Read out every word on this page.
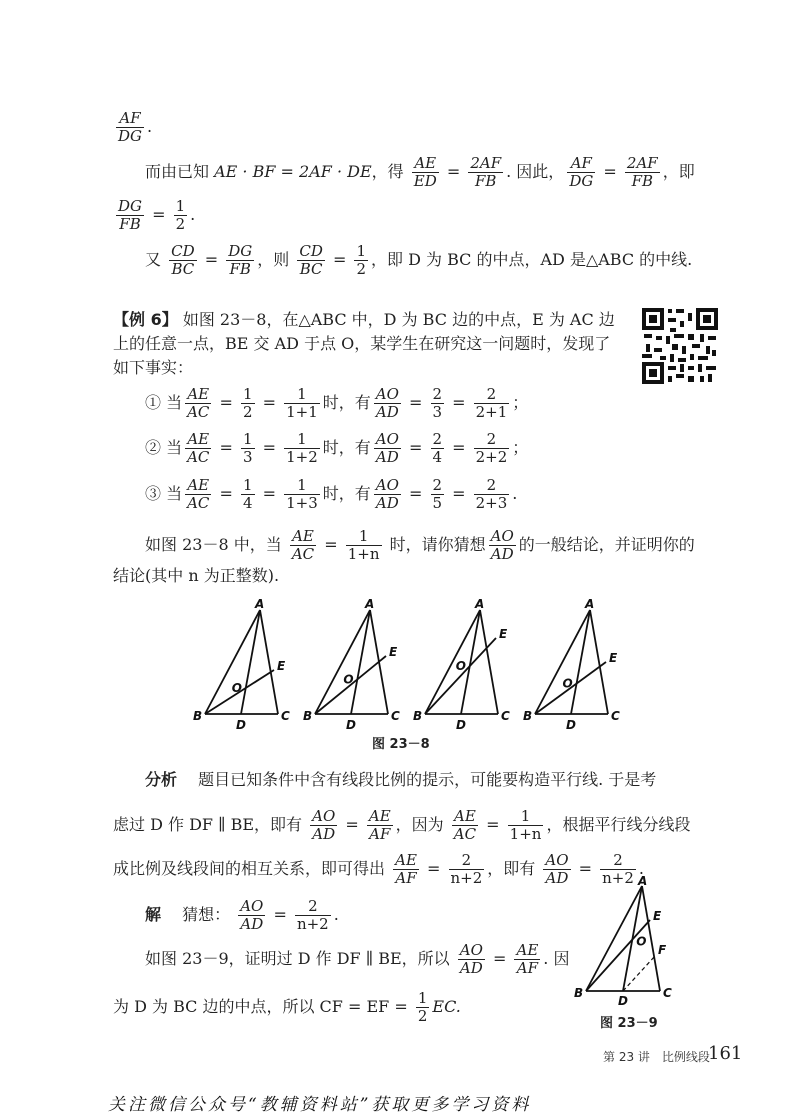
$\frac{AF}{DG}$ .
而由已知 AE · BF = 2AF · DE，得 $\frac{AE}{ED} = \frac{2AF}{FB}$ . 因此， $\frac{AF}{DG} = \frac{2AF}{FB}$ ，即
$\frac{DG}{FB} = \frac{1}{2}$ .
又 $\frac{CD}{BC} = \frac{DG}{FB}$ ，则 $\frac{CD}{BC} = \frac{1}{2}$ ，即 D 为 BC 的中点，AD 是△ABC 的中线.
【例 6】 如图 23－8，在△ABC 中，D 为 BC 边的中点，E 为 AC 边
上的任意一点，BE 交 AD 于点 O，某学生在研究这一问题时，发现了
如下事实：
① 当 $\frac{AE}{AC} = \frac{1}{2} = \frac{1}{1+1}$ 时，有 $\frac{AO}{AD} = \frac{2}{3} = \frac{2}{2+1}$ ；
② 当 $\frac{AE}{AC} = \frac{1}{3} = \frac{1}{1+2}$ 时，有 $\frac{AO}{AD} = \frac{2}{4} = \frac{2}{2+2}$ ；
③ 当 $\frac{AE}{AC} = \frac{1}{4} = \frac{1}{1+3}$ 时，有 $\frac{AO}{AD} = \frac{2}{5} = \frac{2}{2+3}$ .
如图 23－8 中，当 $\frac{AE}{AC} = \frac{1}{1+n}$ 时，请你猜想 $\frac{AO}{AD}$ 的一般结论，并证明你的
结论(其中 n 为正整数).
A
B	C
D
E
O
A
B	C
D
E
O
A
B	C
D
E
O
A
B	C
D
E
O
图 23－8
分析　 题目已知条件中含有线段比例的提示，可能要构造平行线. 于是考
虑过 D 作 DF ∥ BE，即有 $\frac{AO}{AD} = \frac{AE}{AF}$ ，因为 $\frac{AE}{AC} = \frac{1}{1+n}$ ，根据平行线分线段
成比例及线段间的相互关系，即可得出 $\frac{AE}{AF} = \frac{2}{n+2}$ ，即有 $\frac{AO}{AD} = \frac{2}{n+2}$ .
解　 猜想： $\frac{AO}{AD} = \frac{2}{n+2}$ .
如图 23－9，证明过 D 作 DF ∥ BE，所以 $\frac{AO}{AD} = \frac{AE}{AF}$ . 因
为 D 为 BC 边的中点，所以 CF = EF = $\frac{1}{2}$ EC.
A
B	C
D
E
F
O
图 23－9
第 23 讲　比例线段
161
关注微信公众号“教辅资料站”获取更多学习资料
